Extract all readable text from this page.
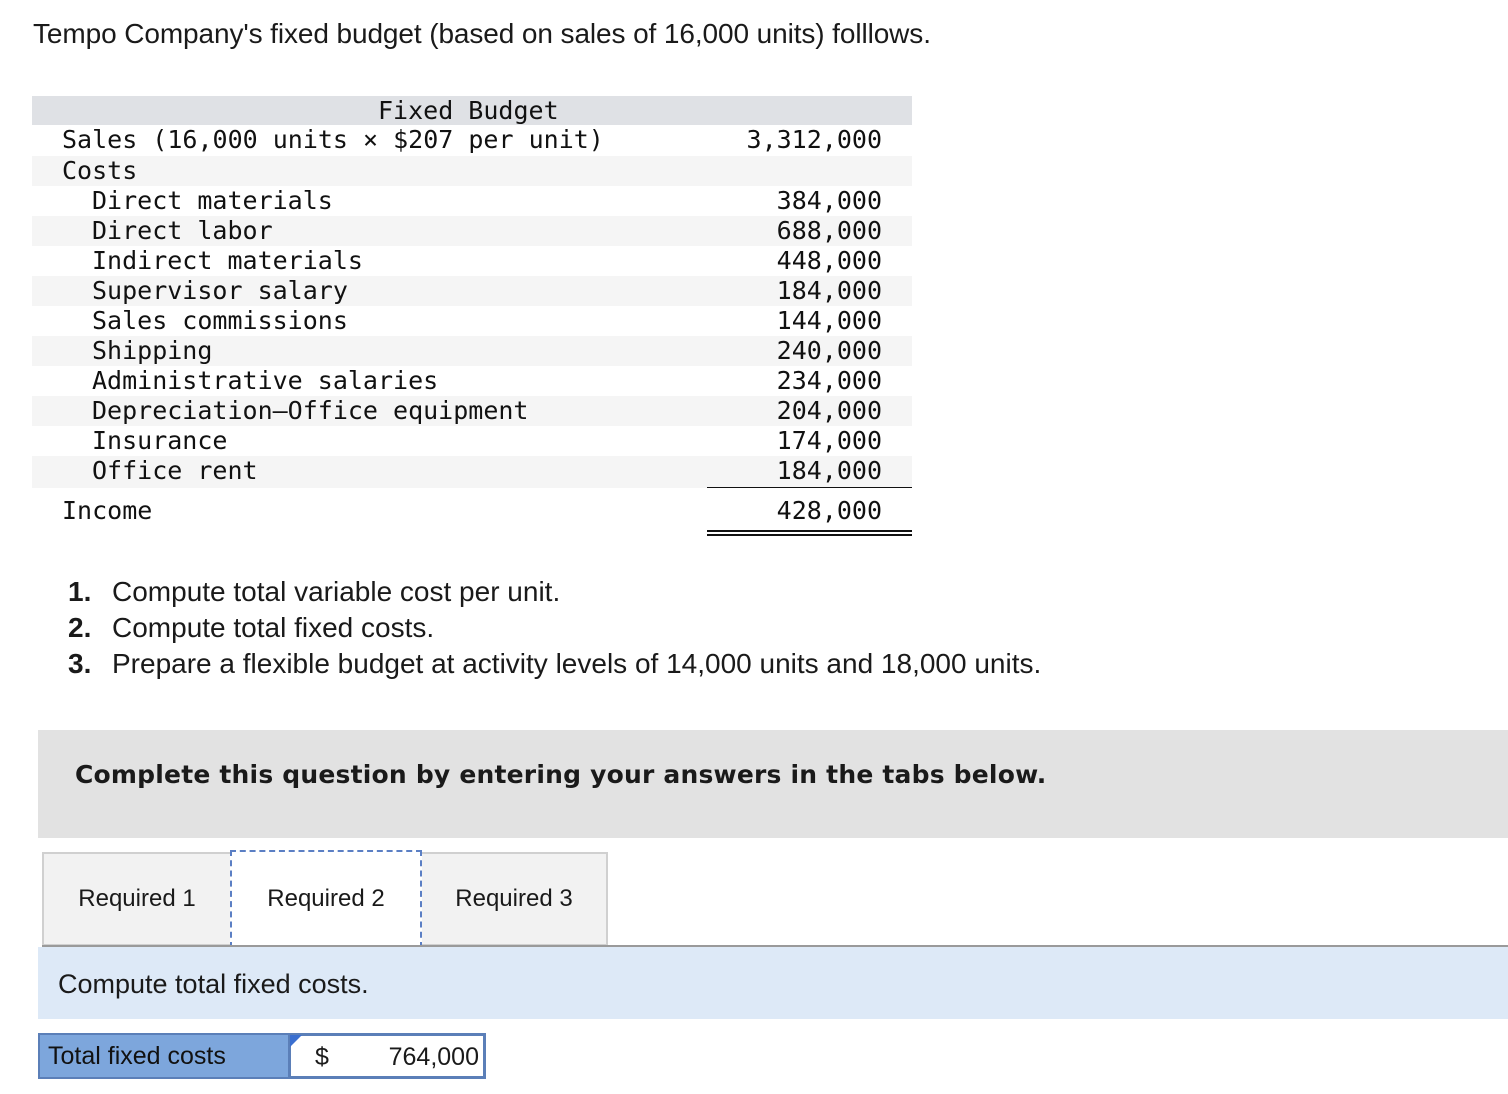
Tempo Company's fixed budget (based on sales of 16,000 units) folllows.
Fixed Budget
Sales (16,000 units × $207 per unit)	3,312,000
Costs
Direct materials	384,000
Direct labor	688,000
Indirect materials	448,000
Supervisor salary	184,000
Sales commissions	144,000
Shipping	240,000
Administrative salaries	234,000
Depreciation—Office equipment	204,000
Insurance	174,000
Office rent	184,000
Income	428,000
1. Compute total variable cost per unit.
2. Compute total fixed costs.
3. Prepare a flexible budget at activity levels of 14,000 units and 18,000 units.
Complete this question by entering your answers in the tabs below.
Required 1	Required 2	Required 3
Compute total fixed costs.
Total fixed costs	$ 764,000
